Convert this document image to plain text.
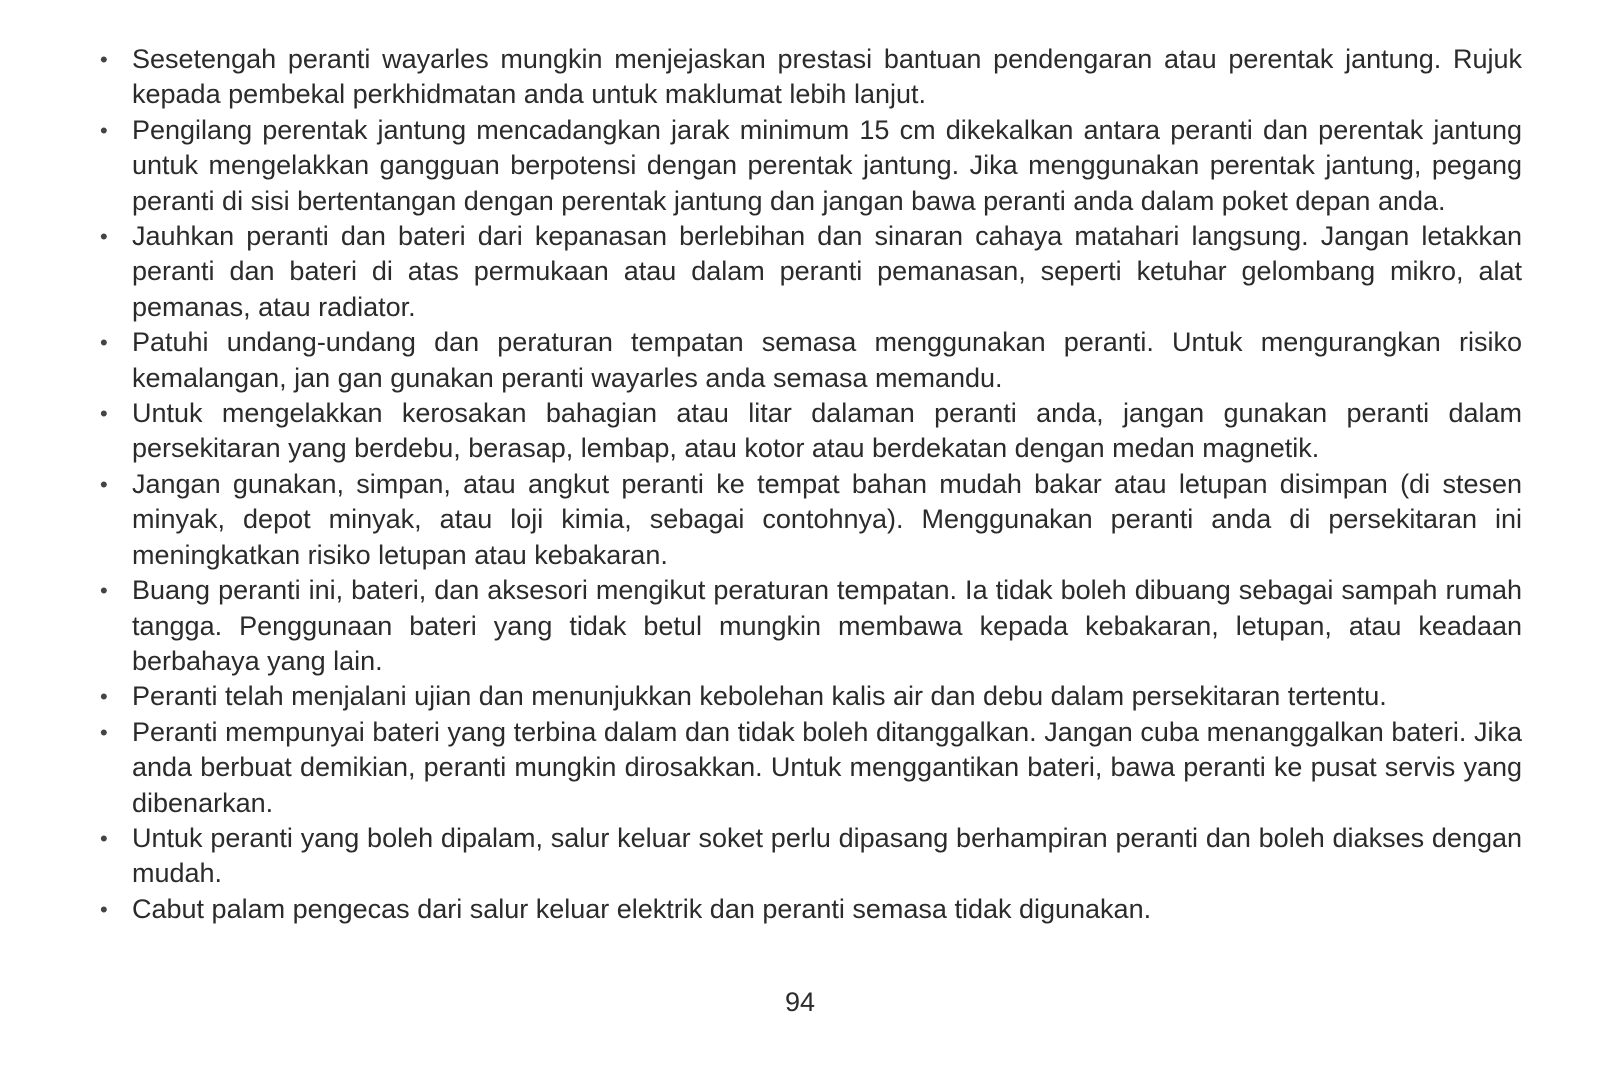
• Sesetengah peranti wayarles mungkin menjejaskan prestasi bantuan pendengaran atau perentak jantung. Rujuk kepada pembekal perkhidmatan anda untuk maklumat lebih lanjut.
• Pengilang perentak jantung mencadangkan jarak minimum 15 cm dikekalkan antara peranti dan perentak jantung untuk mengelakkan gangguan berpotensi dengan perentak jantung. Jika menggunakan perentak jantung, pegang peranti di sisi bertentangan dengan perentak jantung dan jangan bawa peranti anda dalam poket depan anda.
• Jauhkan peranti dan bateri dari kepanasan berlebihan dan sinaran cahaya matahari langsung. Jangan letakkan peranti dan bateri di atas permukaan atau dalam peranti pemanasan, seperti ketuhar gelombang mikro, alat pemanas, atau radiator.
• Patuhi undang-undang dan peraturan tempatan semasa menggunakan peranti. Untuk mengurangkan risiko kemalangan, jan gan gunakan peranti wayarles anda semasa memandu.
• Untuk mengelakkan kerosakan bahagian atau litar dalaman peranti anda, jangan gunakan peranti dalam persekitaran yang berdebu, berasap, lembap, atau kotor atau berdekatan dengan medan magnetik.
• Jangan gunakan, simpan, atau angkut peranti ke tempat bahan mudah bakar atau letupan disimpan (di stesen minyak, depot minyak, atau loji kimia, sebagai contohnya). Menggunakan peranti anda di persekitaran ini meningkatkan risiko letupan atau kebakaran.
• Buang peranti ini, bateri, dan aksesori mengikut peraturan tempatan. Ia tidak boleh dibuang sebagai sampah rumah tangga. Penggunaan bateri yang tidak betul mungkin membawa kepada kebakaran, letupan, atau keadaan berbahaya yang lain.
• Peranti telah menjalani ujian dan menunjukkan kebolehan kalis air dan debu dalam persekitaran tertentu.
• Peranti mempunyai bateri yang terbina dalam dan tidak boleh ditanggalkan. Jangan cuba menanggalkan bateri. Jika anda berbuat demikian, peranti mungkin dirosakkan. Untuk menggantikan bateri, bawa peranti ke pusat servis yang dibenarkan.
• Untuk peranti yang boleh dipalam, salur keluar soket perlu dipasang berhampiran peranti dan boleh diakses dengan mudah.
• Cabut palam pengecas dari salur keluar elektrik dan peranti semasa tidak digunakan.
94
